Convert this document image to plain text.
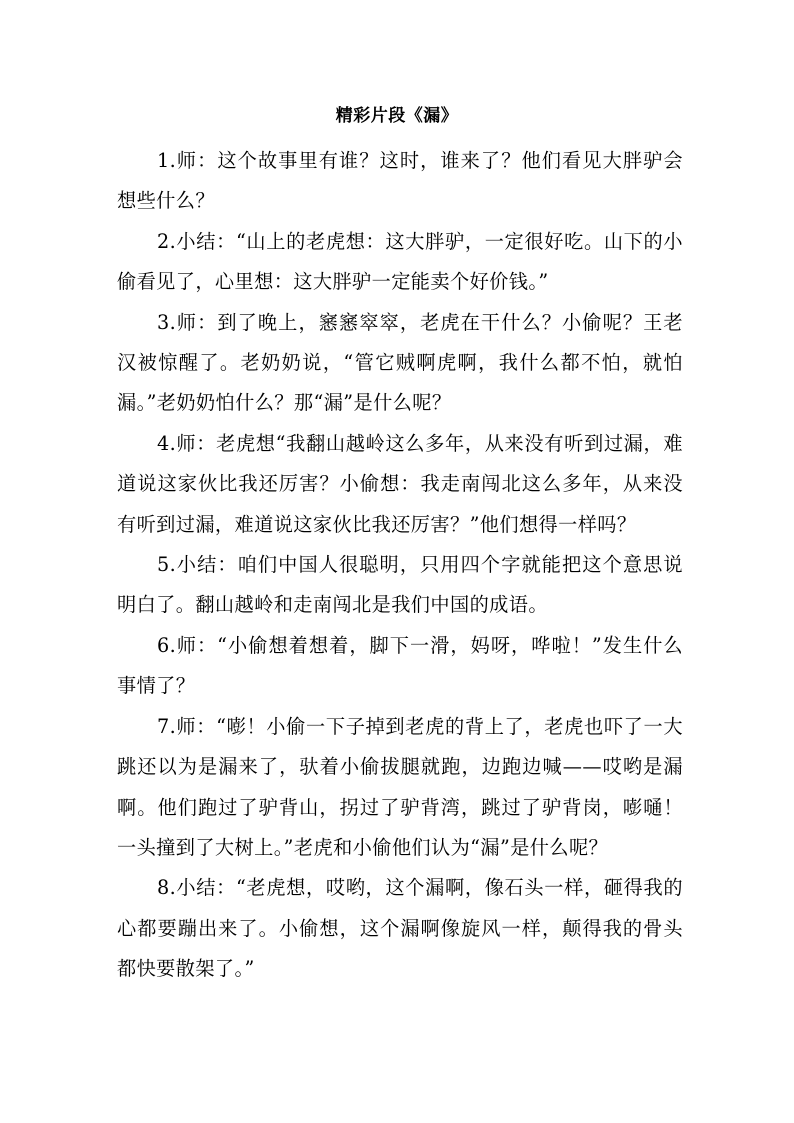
精彩片段《漏》

1.师：这个故事里有谁？这时，谁来了？他们看见大胖驴会想些什么？

2.小结：“山上的老虎想：这大胖驴，一定很好吃。山下的小偷看见了，心里想：这大胖驴一定能卖个好价钱。”

3.师：到了晚上，窸窸窣窣，老虎在干什么？小偷呢？王老汉被惊醒了。老奶奶说，“管它贼啊虎啊，我什么都不怕，就怕漏。”老奶奶怕什么？那“漏”是什么呢？

4.师：老虎想“我翻山越岭这么多年，从来没有听到过漏，难道说这家伙比我还厉害？小偷想：我走南闯北这么多年，从来没有听到过漏，难道说这家伙比我还厉害？”他们想得一样吗？

5.小结：咱们中国人很聪明，只用四个字就能把这个意思说明白了。翻山越岭和走南闯北是我们中国的成语。

6.师：“小偷想着想着，脚下一滑，妈呀，哗啦！”发生什么事情了？

7.师：“嘭！小偷一下子掉到老虎的背上了，老虎也吓了一大跳还以为是漏来了，驮着小偷拔腿就跑，边跑边喊——哎哟是漏啊。他们跑过了驴背山，拐过了驴背湾，跳过了驴背岗，嘭嗵！一头撞到了大树上。”老虎和小偷他们认为“漏”是什么呢？

8.小结：“老虎想，哎哟，这个漏啊，像石头一样，砸得我的心都要蹦出来了。小偷想，这个漏啊像旋风一样，颠得我的骨头都快要散架了。”
